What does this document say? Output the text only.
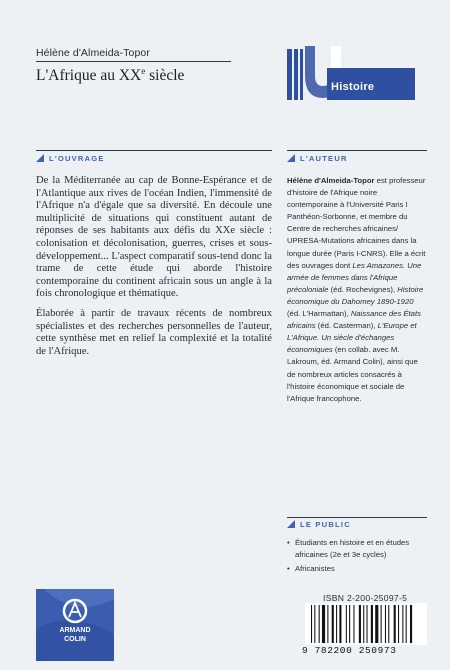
Hélène d'Almeida-Topor
L'Afrique au XXe siècle
Histoire
L'OUVRAGE	L'AUTEUR

De la Méditerranée au cap de Bonne-Espérance et de l'Atlantique aux rives de l'océan Indien, l'immensité de l'Afrique n'a d'égale que sa diversité. En découle une multiplicité de situations qui constituent autant de réponses de ses habitants aux défis du XXe siècle : colonisation et décolonisation, guerres, crises et sous-développement... L'aspect comparatif sous-tend donc la trame de cette étude qui aborde l'histoire contemporaine du continent africain sous un angle à la fois chronologique et thématique.

Élaborée à partir de travaux récents de nombreux spécialistes et des recherches personnelles de l'auteur, cette synthèse met en relief la complexité et la totalité de l'Afrique.

Hélène d'Almeida-Topor est professeur d'histoire de l'Afrique noire contemporaine à l'Université Paris I Panthéon-Sorbonne, et membre du Centre de recherches africaines/ UPRESA-Mutations africaines dans la longue durée (Paris I-CNRS). Elle a écrit des ouvrages dont Les Amazones. Une armée de femmes dans l'Afrique précoloniale (éd. Rochevignes), Histoire économique du Dahomey 1890-1920 (éd. L'Harmattan), Naissance des États africains (éd. Casterman), L'Europe et L'Afrique. Un siècle d'échanges économiques (en collab. avec M. Lakroum, éd. Armand Colin), ainsi que de nombreux articles consacrés à l'histoire économique et sociale de l'Afrique francophone.
LE PUBLIC
• Étudiants en histoire et en études africaines (2e et 3e cycles)
• Africanistes
ISBN 2-200-25097-5
9 782200 250973
ARMAND
COLIN
